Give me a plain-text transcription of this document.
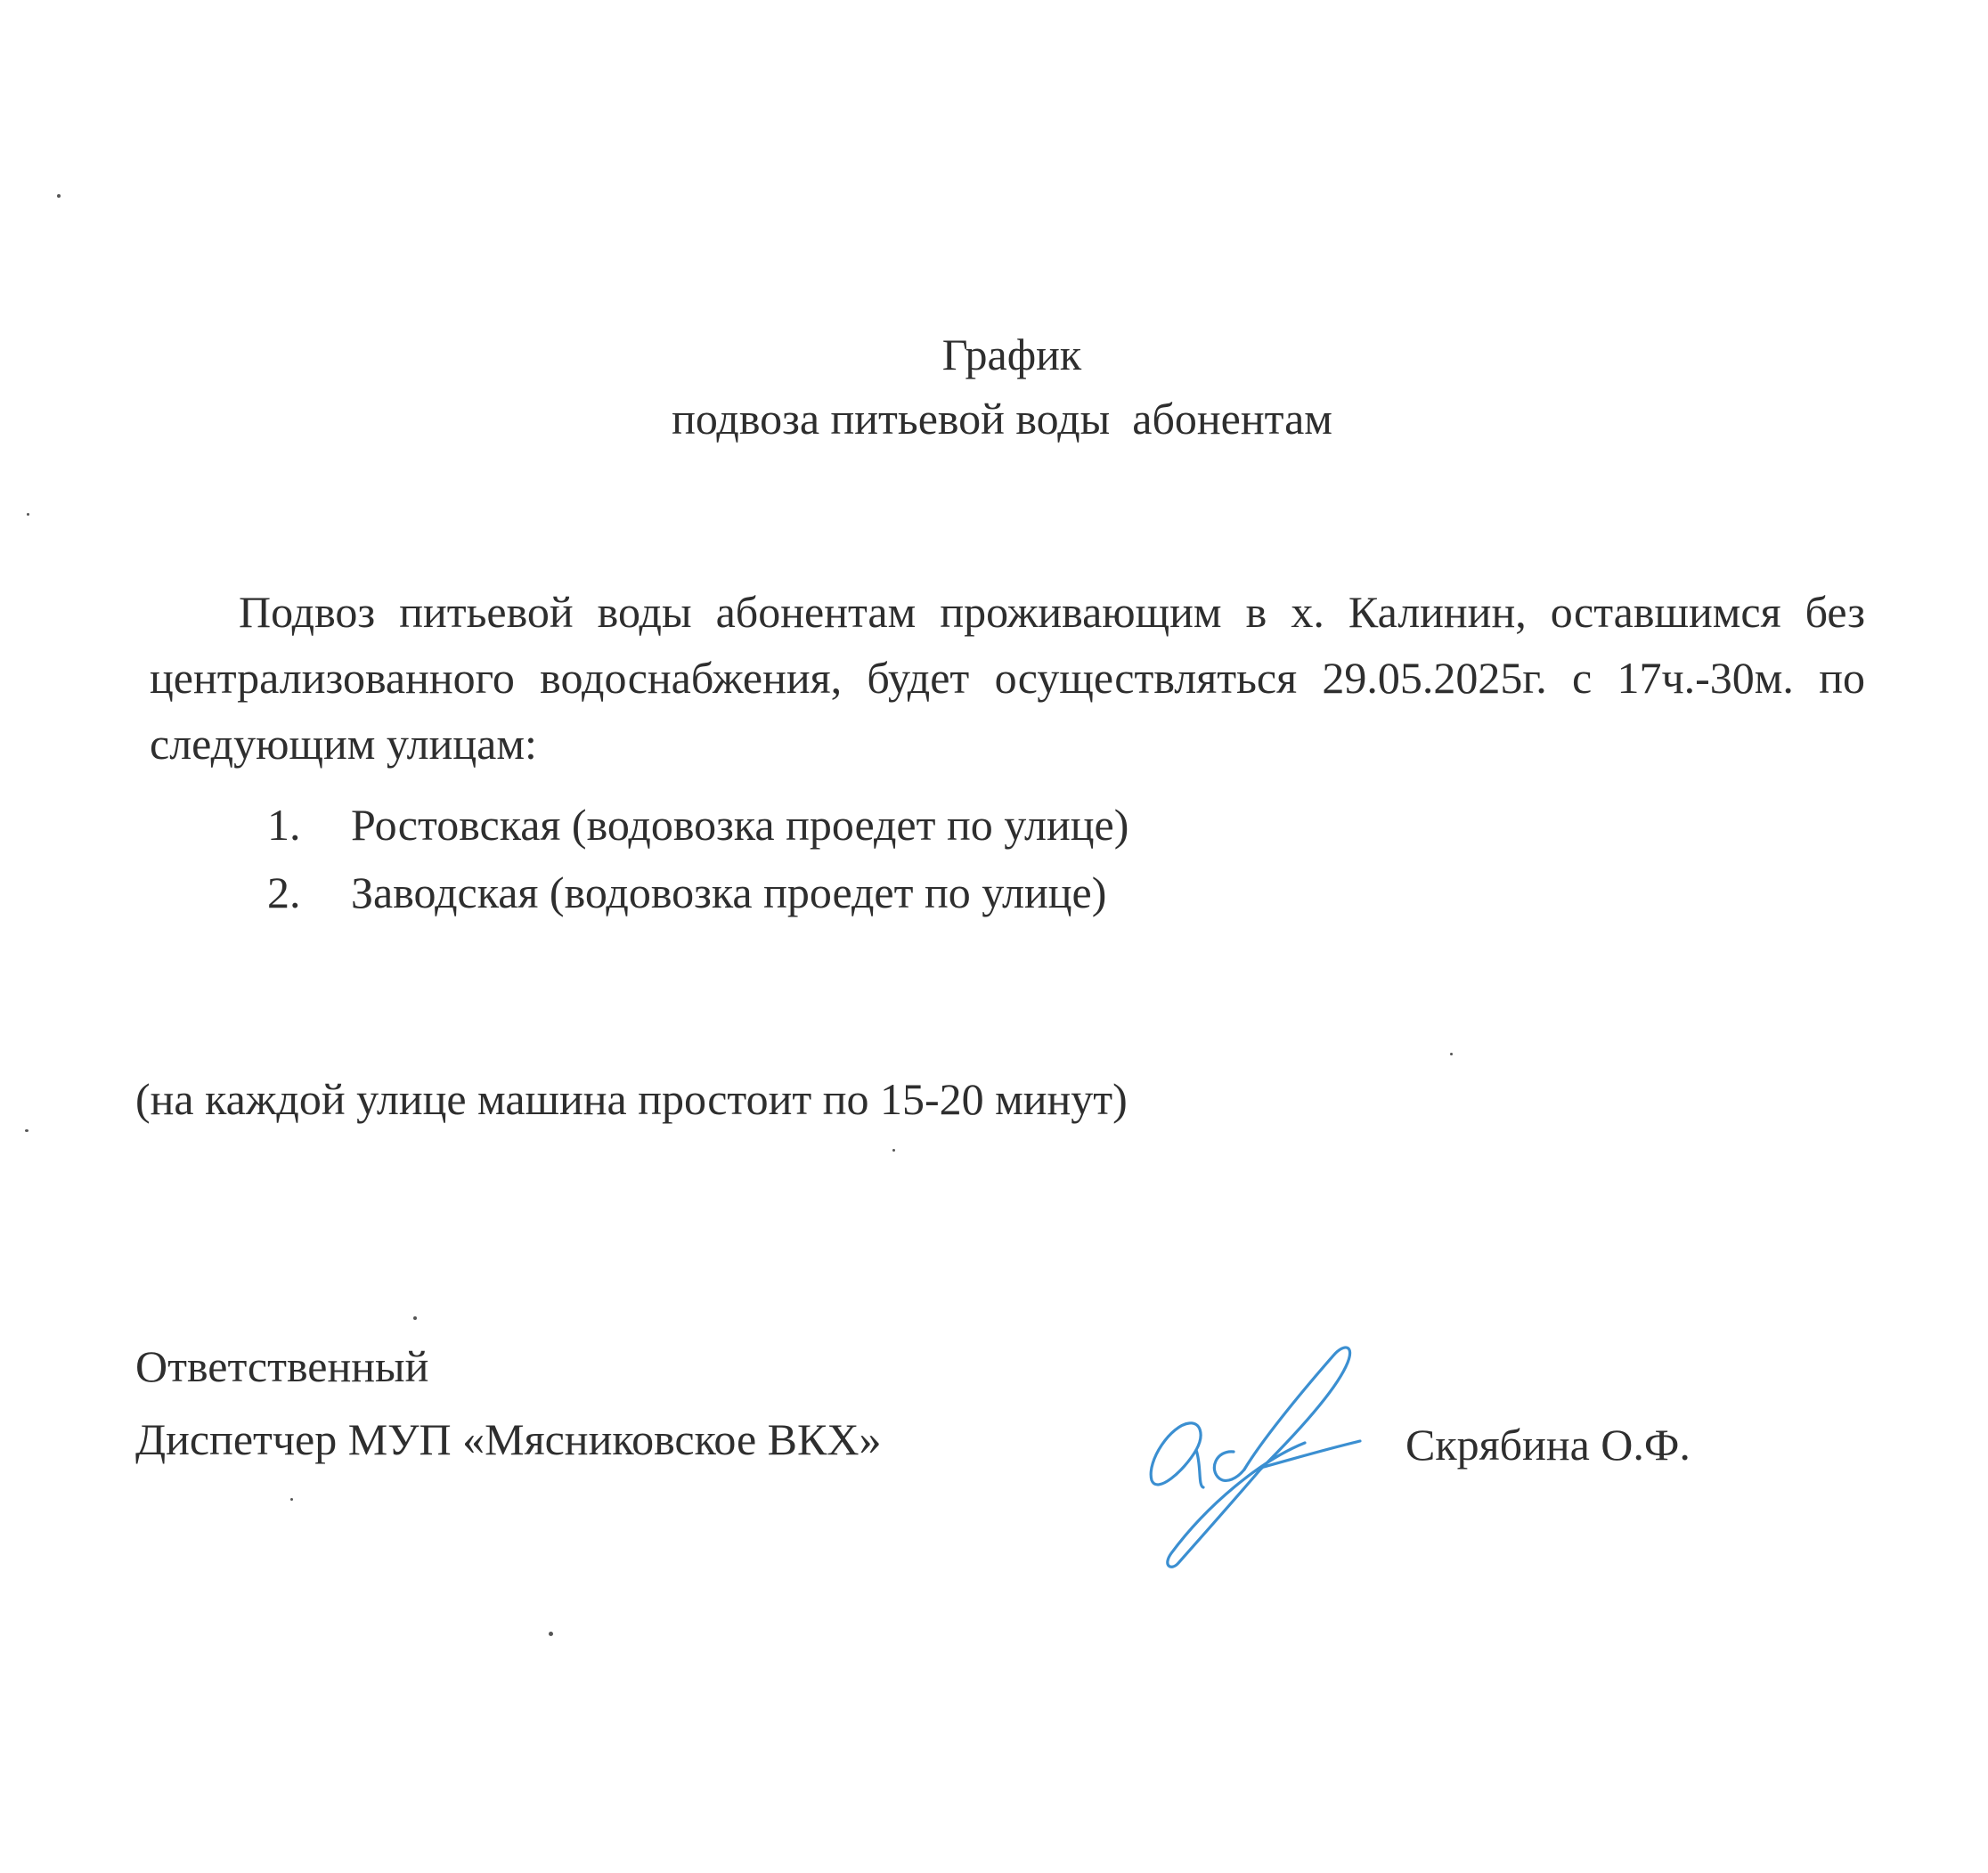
График
подвоза питьевой воды  абонентам

Подвоз питьевой воды абонентам проживающим в х. Калинин, оставшимся без централизованного водоснабжения, будет осуществляться 29.05.2025г. с 17ч.-30м. по следующим улицам:

1.	Ростовская (водовозка проедет по улице)
2.	Заводская (водовозка проедет по улице)
(на каждой улице машина простоит по 15-20 минут)
Ответственный
Диспетчер МУП «Мясниковское ВКХ»	Скрябина О.Ф.
